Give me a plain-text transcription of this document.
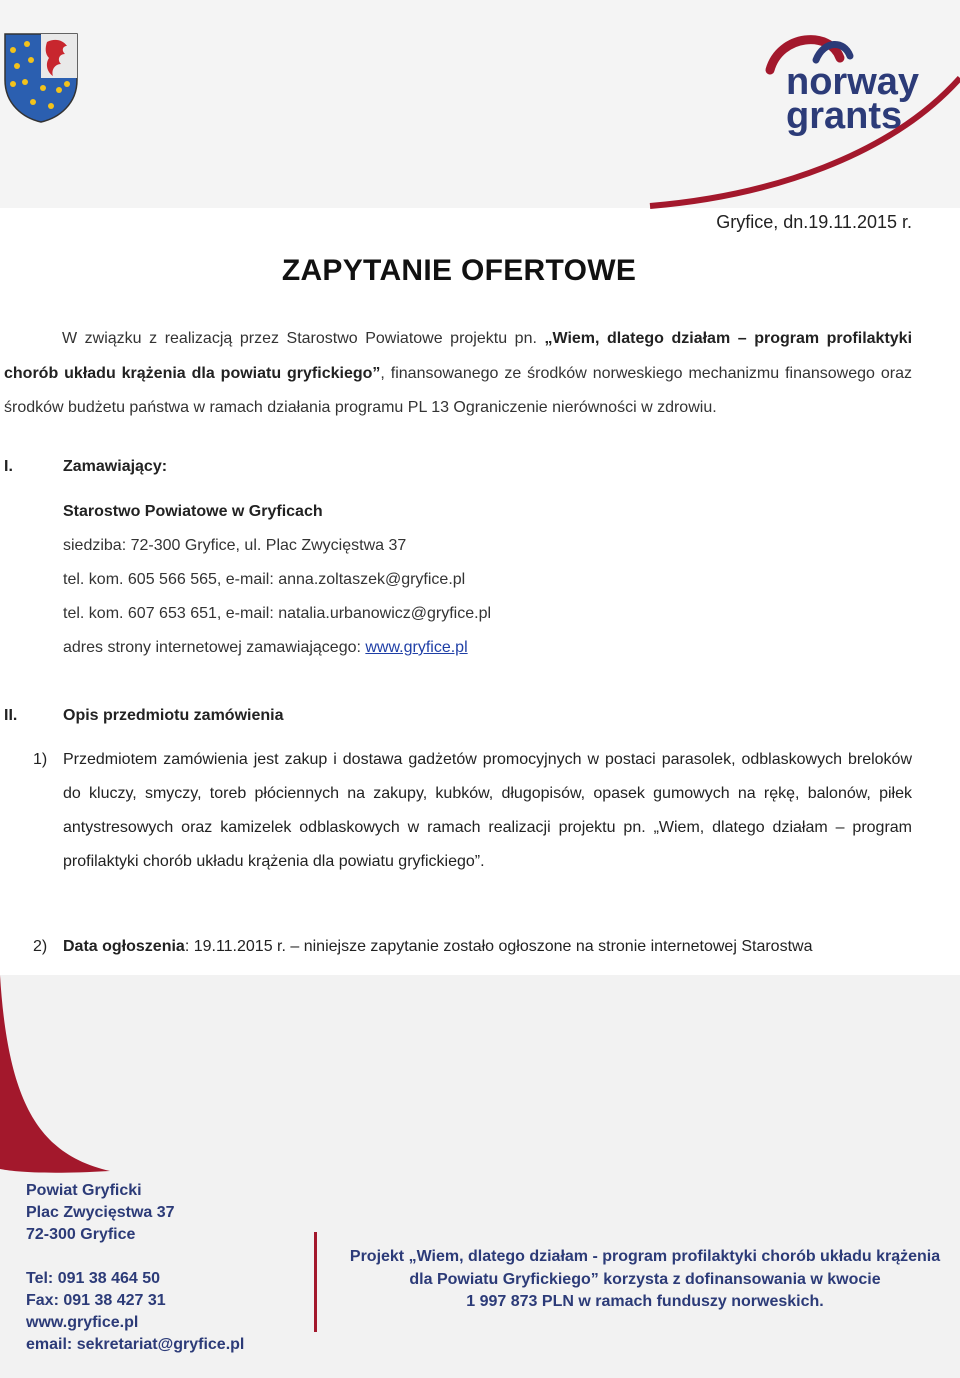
norway
grants
Gryfice, dn.19.11.2015 r.
ZAPYTANIE OFERTOWE
W związku z realizacją przez Starostwo Powiatowe projektu pn. „Wiem, dlatego działam – program profilaktyki chorób układu krążenia dla powiatu gryfickiego”, finansowanego ze środków norweskiego mechanizmu finansowego oraz środków budżetu państwa w ramach działania programu PL 13 Ograniczenie nierówności w zdrowiu.
I.	Zamawiający:
Starostwo Powiatowe w Gryficach
siedziba: 72-300 Gryfice, ul. Plac Zwycięstwa 37
tel. kom. 605 566 565, e-mail: anna.zoltaszek@gryfice.pl
tel. kom. 607 653 651, e-mail: natalia.urbanowicz@gryfice.pl
adres strony internetowej zamawiającego: www.gryfice.pl
II.	Opis przedmiotu zamówienia
1) Przedmiotem zamówienia jest zakup i dostawa gadżetów promocyjnych w postaci parasolek, odblaskowych breloków do kluczy, smyczy, toreb płóciennych na zakupy, kubków, długopisów, opasek gumowych na rękę, balonów, piłek antystresowych oraz kamizelek odblaskowych w ramach realizacji projektu pn. „Wiem, dlatego działam – program profilaktyki chorób układu krążenia dla powiatu gryfickiego”.
2) Data ogłoszenia: 19.11.2015 r. – niniejsze zapytanie zostało ogłoszone na stronie internetowej Starostwa
Powiat Gryficki
Plac Zwycięstwa 37
72-300 Gryfice
Tel: 091 38 464 50
Fax: 091 38 427 31
www.gryfice.pl
email: sekretariat@gryfice.pl
Projekt „Wiem, dlatego działam - program profilaktyki chorób układu krążenia
dla Powiatu Gryfickiego” korzysta z dofinansowania w kwocie
1 997 873 PLN w ramach funduszy norweskich.
